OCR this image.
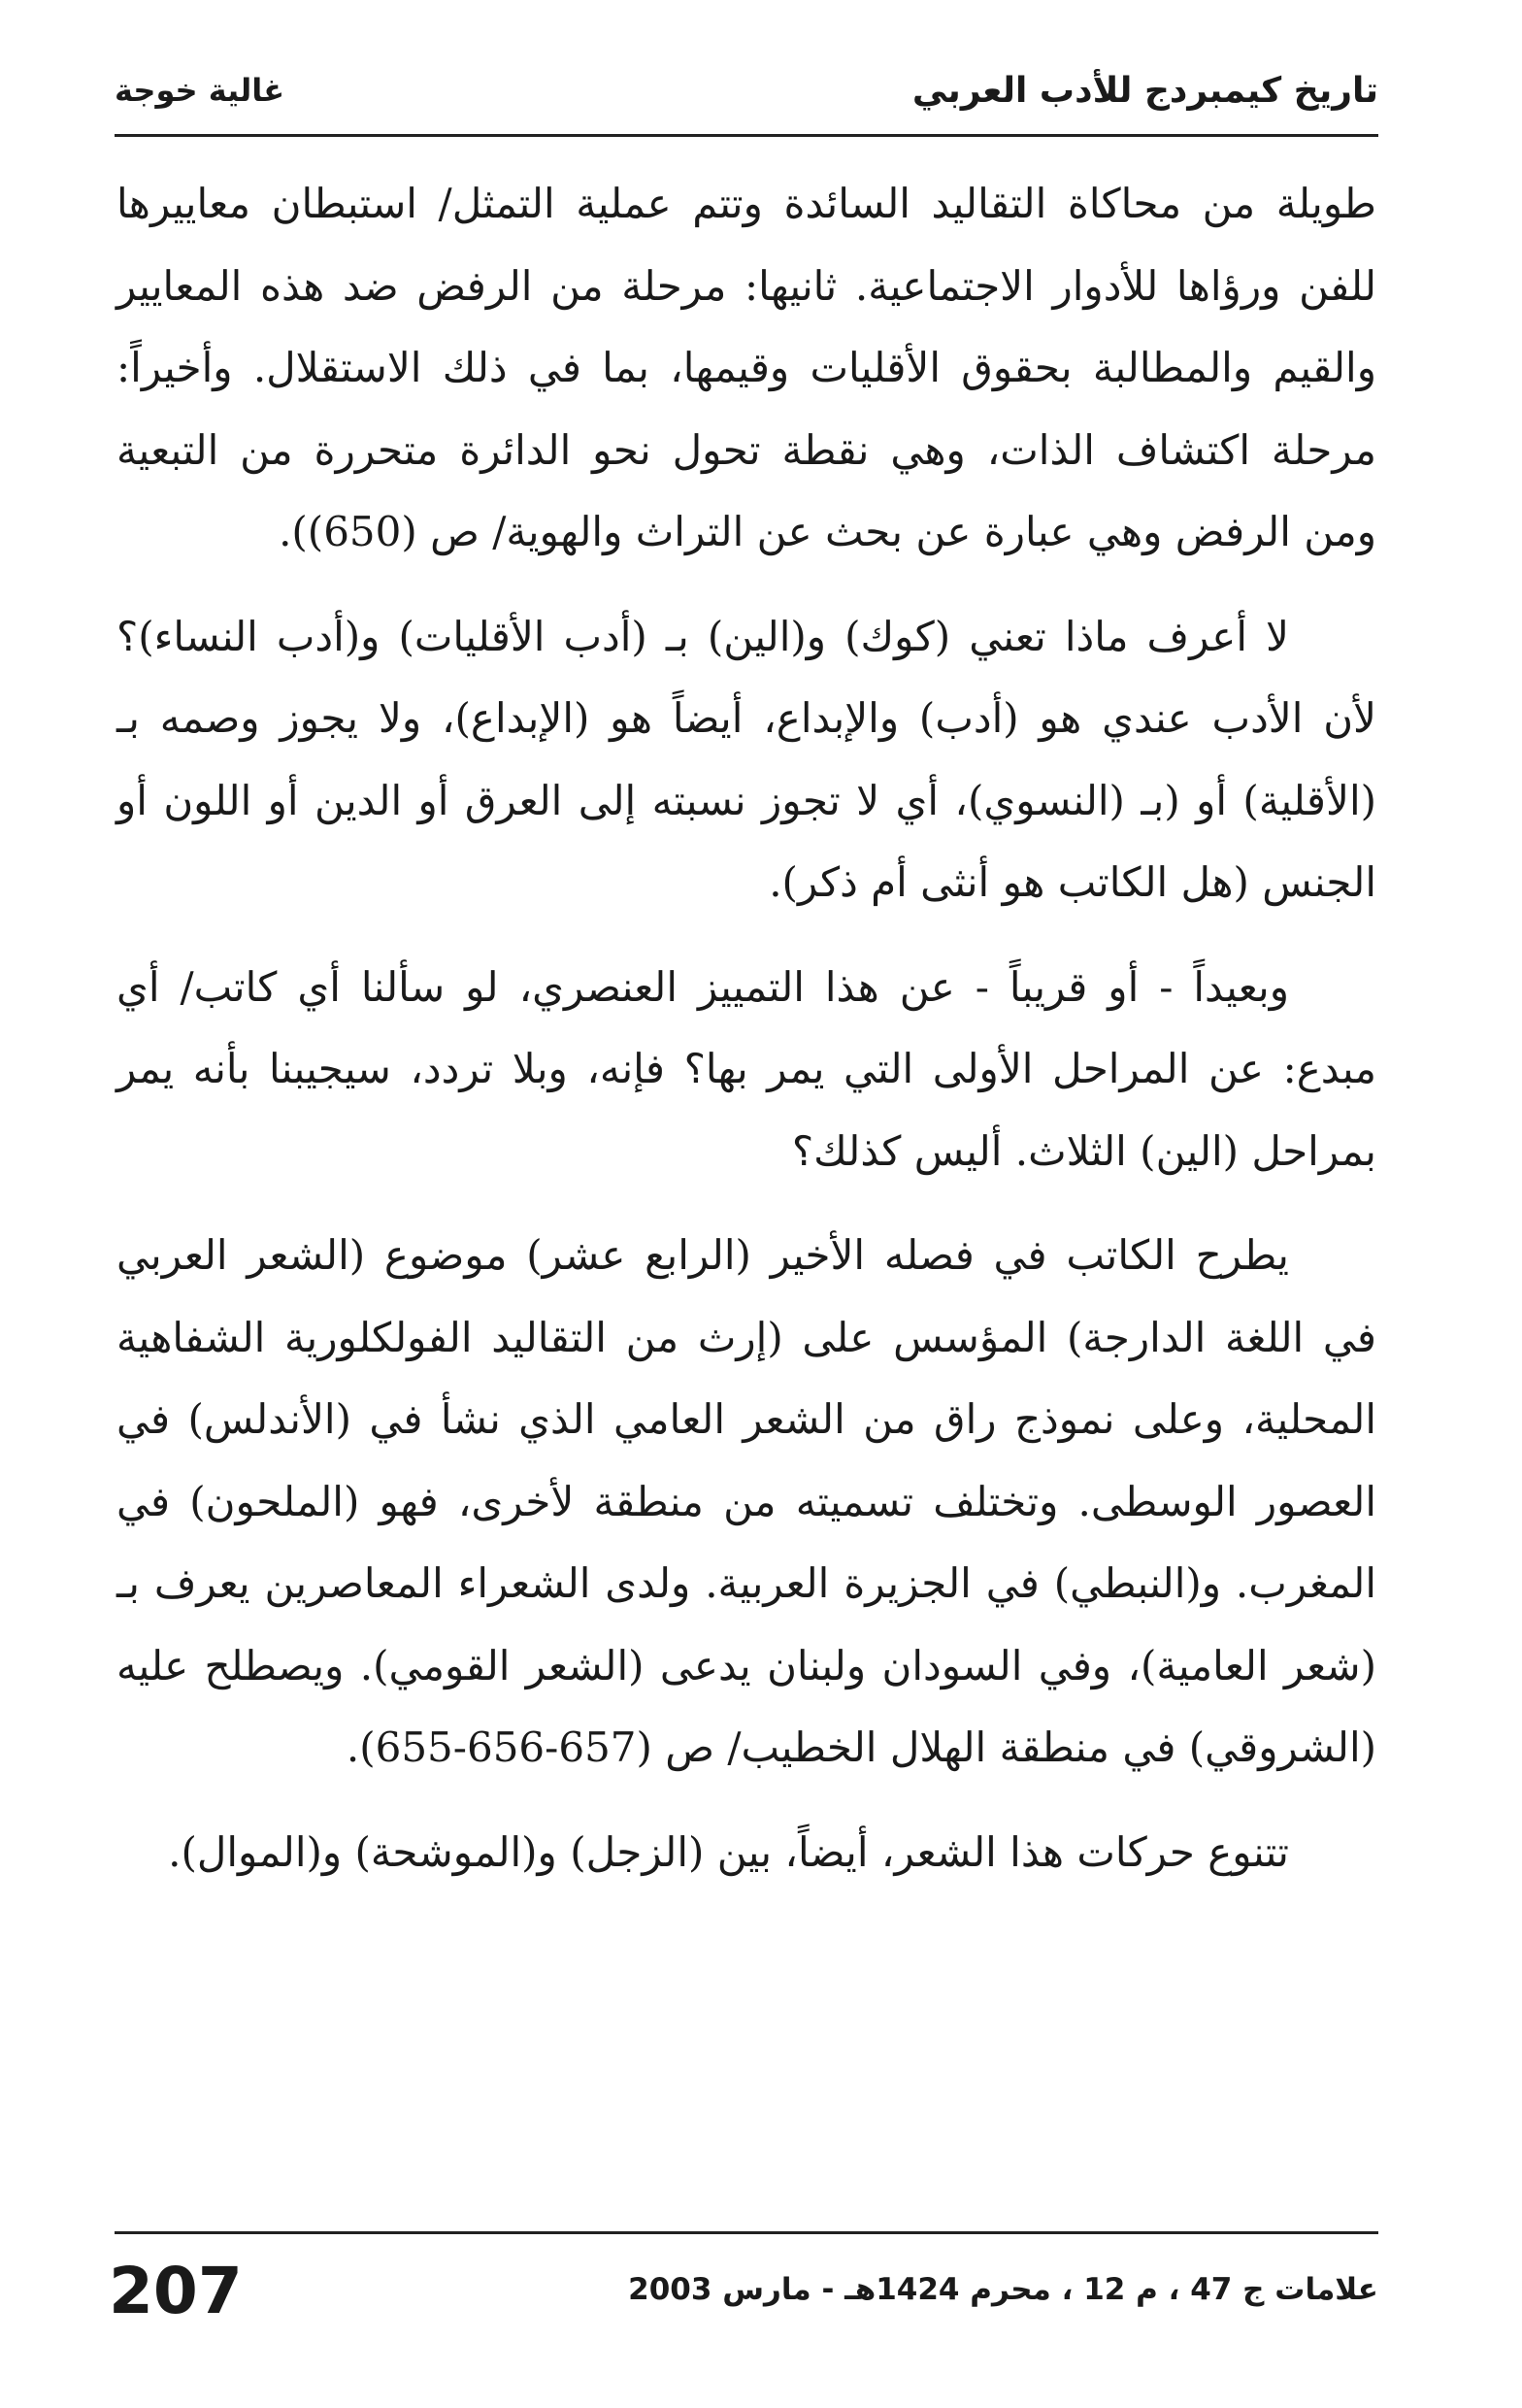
تاريخ كيمبردج للأدب العربي
غالية خوجة

طويلة من محاكاة التقاليد السائدة وتتم عملية التمثل/ استبطان معاييرها للفن ورؤاها للأدوار الاجتماعية. ثانيها: مرحلة من الرفض ضد هذه المعايير والقيم والمطالبة بحقوق الأقليات وقيمها، بما في ذلك الاستقلال. وأخيراً: مرحلة اكتشاف الذات، وهي نقطة تحول نحو الدائرة متحررة من التبعية ومن الرفض وهي عبارة عن بحث عن التراث والهوية/ ص (650)).

لا أعرف ماذا تعني (كوك) و(الين) بـ (أدب الأقليات) و(أدب النساء)؟ لأن الأدب عندي هو (أدب) والإبداع، أيضاً هو (الإبداع)، ولا يجوز وصمه بـ (الأقلية) أو (بـ (النسوي)، أي لا تجوز نسبته إلى العرق أو الدين أو اللون أو الجنس (هل الكاتب هو أنثى أم ذكر).

وبعيداً - أو قريباً - عن هذا التمييز العنصري، لو سألنا أي كاتب/ أي مبدع: عن المراحل الأولى التي يمر بها؟ فإنه، وبلا تردد، سيجيبنا بأنه يمر بمراحل (الين) الثلاث. أليس كذلك؟

يطرح الكاتب في فصله الأخير (الرابع عشر) موضوع (الشعر العربي في اللغة الدارجة) المؤسس على (إرث من التقاليد الفولكلورية الشفاهية المحلية، وعلى نموذج راق من الشعر العامي الذي نشأ في (الأندلس) في العصور الوسطى. وتختلف تسميته من منطقة لأخرى، فهو (الملحون) في المغرب. و(النبطي) في الجزيرة العربية. ولدى الشعراء المعاصرين يعرف بـ (شعر العامية)، وفي السودان ولبنان يدعى (الشعر القومي). ويصطلح عليه (الشروقي) في منطقة الهلال الخطيب/ ص (657-656-655).

تتنوع حركات هذا الشعر، أيضاً، بين (الزجل) و(الموشحة) و(الموال).

207	علامات ج 47 ، م 12 ، محرم 1424هـ - مارس 2003
